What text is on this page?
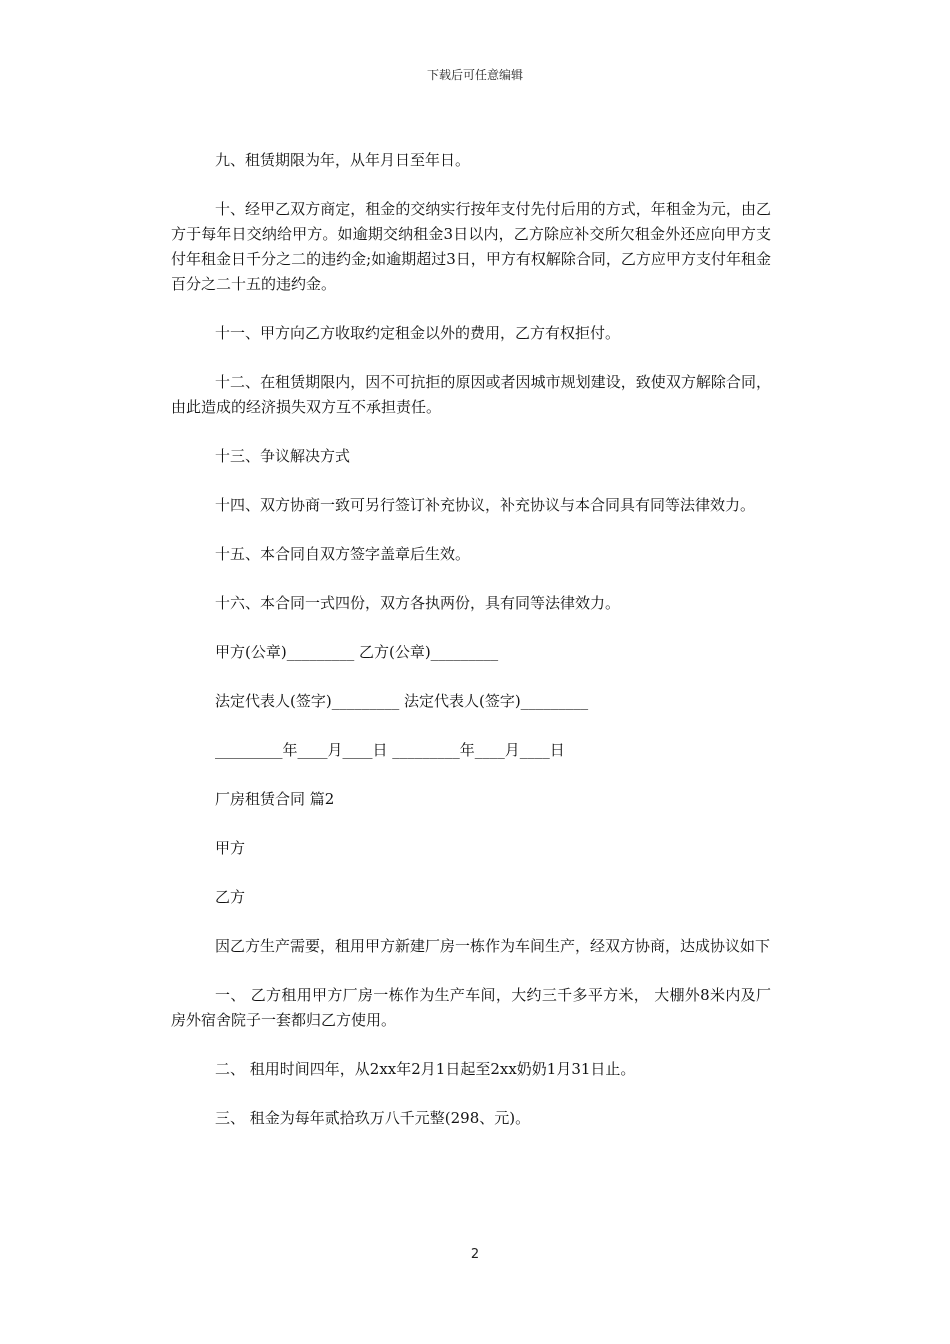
下载后可任意编辑

九、租赁期限为年，从年月日至年日。

十、经甲乙双方商定，租金的交纳实行按年支付先付后用的方式，年租金为元，由乙方于每年日交纳给甲方。如逾期交纳租金3日以内，乙方除应补交所欠租金外还应向甲方支付年租金日千分之二的违约金;如逾期超过3日，甲方有权解除合同，乙方应甲方支付年租金百分之二十五的违约金。

十一、甲方向乙方收取约定租金以外的费用，乙方有权拒付。

十二、在租赁期限内，因不可抗拒的原因或者因城市规划建设，致使双方解除合同，由此造成的经济损失双方互不承担责任。

十三、争议解决方式

十四、双方协商一致可另行签订补充协议，补充协议与本合同具有同等法律效力。

十五、本合同自双方签字盖章后生效。

十六、本合同一式四份，双方各执两份，具有同等法律效力。

甲方(公章)_________ 乙方(公章)_________

法定代表人(签字)_________ 法定代表人(签字)_________

_________年____月____日 _________年____月____日

厂房租赁合同 篇2

甲方

乙方

因乙方生产需要，租用甲方新建厂房一栋作为车间生产，经双方协商，达成协议如下

一、 乙方租用甲方厂房一栋作为生产车间，大约三千多平方米， 大棚外8米内及厂房外宿舍院子一套都归乙方使用。

二、 租用时间四年，从2xx年2月1日起至2xx奶奶1月31日止。

三、 租金为每年贰拾玖万八千元整(298、元)。

2
